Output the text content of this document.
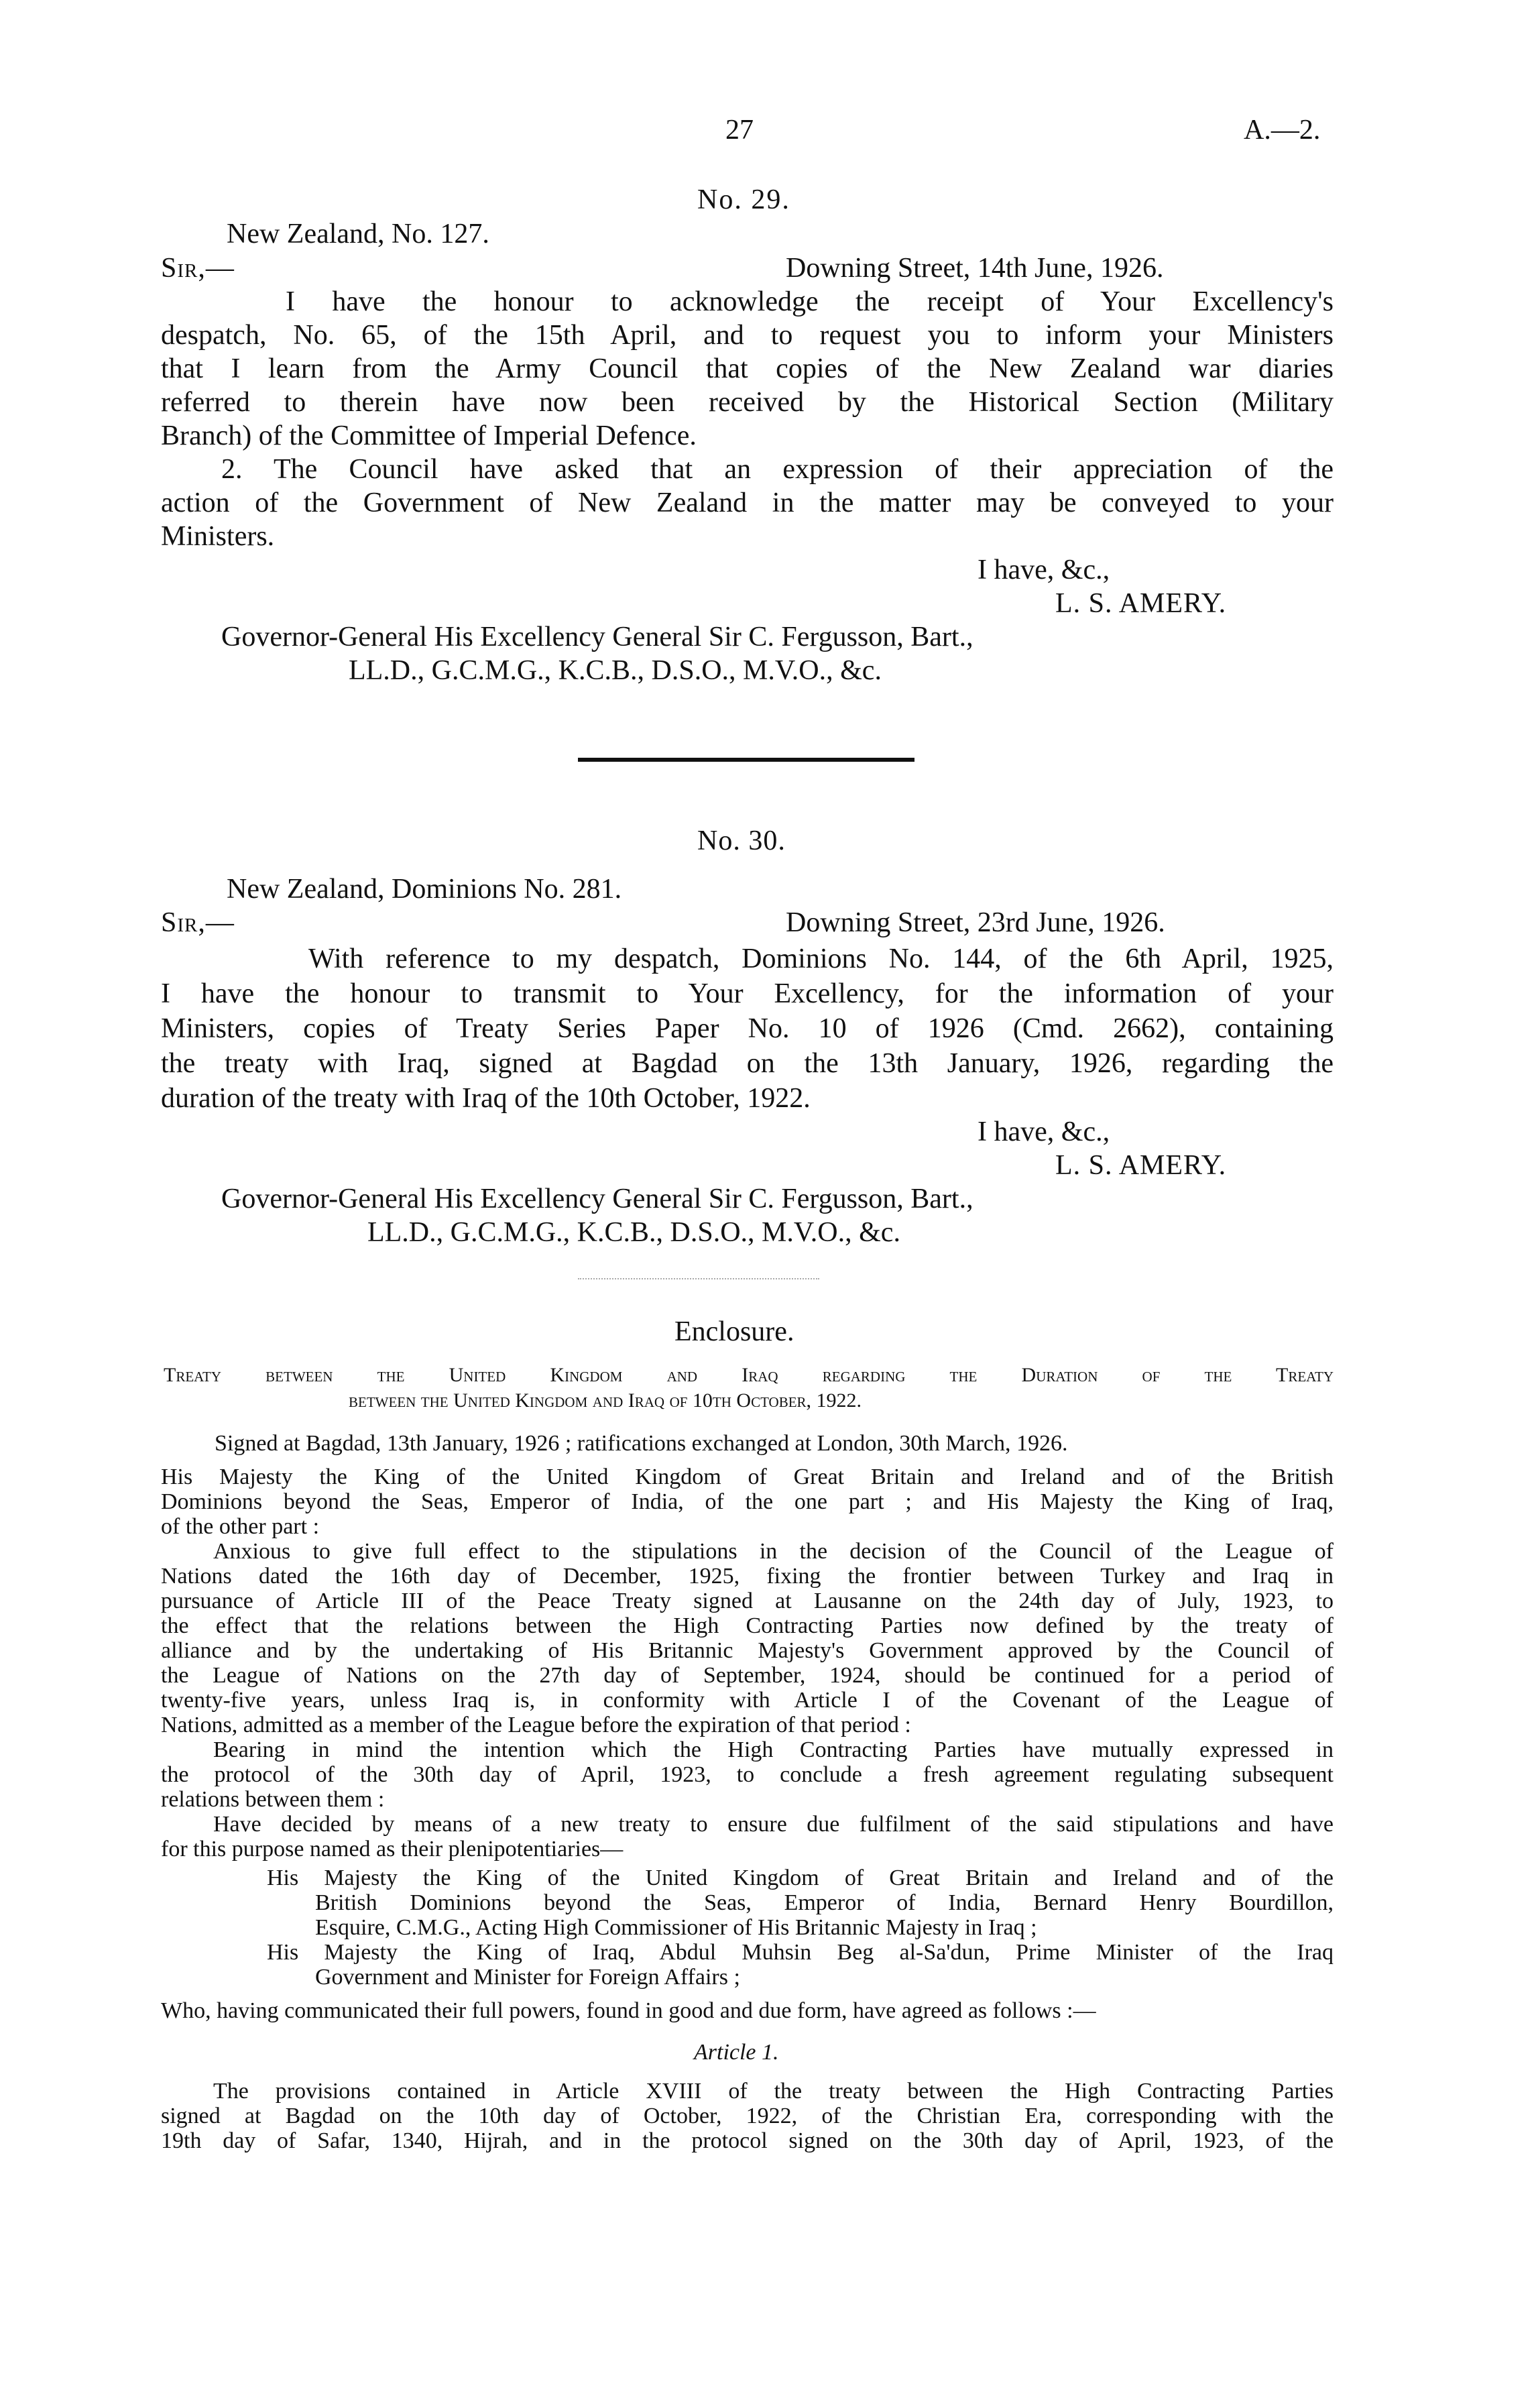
27	A.—2.
No. 29.
New Zealand, No. 127.
Sir,—	Downing Street, 14th June, 1926.
I have the honour to acknowledge the receipt of Your Excellency's
despatch, No. 65, of the 15th April, and to request you to inform your Ministers
that I learn from the Army Council that copies of the New Zealand war diaries
referred to therein have now been received by the Historical Section (Military
Branch) of the Committee of Imperial Defence.
2. The Council have asked that an expression of their appreciation of the
action of the Government of New Zealand in the matter may be conveyed to your
Ministers.
I have, &c.,
L. S. AMERY.
Governor-General His Excellency General Sir C. Fergusson, Bart.,
LL.D., G.C.M.G., K.C.B., D.S.O., M.V.O., &c.
No. 30.
New Zealand, Dominions No. 281.
Sir,—	Downing Street, 23rd June, 1926.
With reference to my despatch, Dominions No. 144, of the 6th April, 1925,
I have the honour to transmit to Your Excellency, for the information of your
Ministers, copies of Treaty Series Paper No. 10 of 1926 (Cmd. 2662), containing
the treaty with Iraq, signed at Bagdad on the 13th January, 1926, regarding the
duration of the treaty with Iraq of the 10th October, 1922.
I have, &c.,
L. S. AMERY.
Governor-General His Excellency General Sir C. Fergusson, Bart.,
LL.D., G.C.M.G., K.C.B., D.S.O., M.V.O., &c.
Enclosure.
Treaty between the United Kingdom and Iraq regarding the Duration of the Treaty
between the United Kingdom and Iraq of 10th October, 1922.
Signed at Bagdad, 13th January, 1926 ; ratifications exchanged at London, 30th March, 1926.
His Majesty the King of the United Kingdom of Great Britain and Ireland and of the British
Dominions beyond the Seas, Emperor of India, of the one part ; and His Majesty the King of Iraq,
of the other part :
Anxious to give full effect to the stipulations in the decision of the Council of the League of
Nations dated the 16th day of December, 1925, fixing the frontier between Turkey and Iraq in
pursuance of Article III of the Peace Treaty signed at Lausanne on the 24th day of July, 1923, to
the effect that the relations between the High Contracting Parties now defined by the treaty of
alliance and by the undertaking of His Britannic Majesty's Government approved by the Council of
the League of Nations on the 27th day of September, 1924, should be continued for a period of
twenty-five years, unless Iraq is, in conformity with Article I of the Covenant of the League of
Nations, admitted as a member of the League before the expiration of that period :
Bearing in mind the intention which the High Contracting Parties have mutually expressed in
the protocol of the 30th day of April, 1923, to conclude a fresh agreement regulating subsequent
relations between them :
Have decided by means of a new treaty to ensure due fulfilment of the said stipulations and have
for this purpose named as their plenipotentiaries—
His Majesty the King of the United Kingdom of Great Britain and Ireland and of the
British Dominions beyond the Seas, Emperor of India, Bernard Henry Bourdillon,
Esquire, C.M.G., Acting High Commissioner of His Britannic Majesty in Iraq ;
His Majesty the King of Iraq, Abdul Muhsin Beg al-Sa'dun, Prime Minister of the Iraq
Government and Minister for Foreign Affairs ;
Who, having communicated their full powers, found in good and due form, have agreed as follows :—
Article 1.
The provisions contained in Article XVIII of the treaty between the High Contracting Parties
signed at Bagdad on the 10th day of October, 1922, of the Christian Era, corresponding with the
19th day of Safar, 1340, Hijrah, and in the protocol signed on the 30th day of April, 1923, of the
